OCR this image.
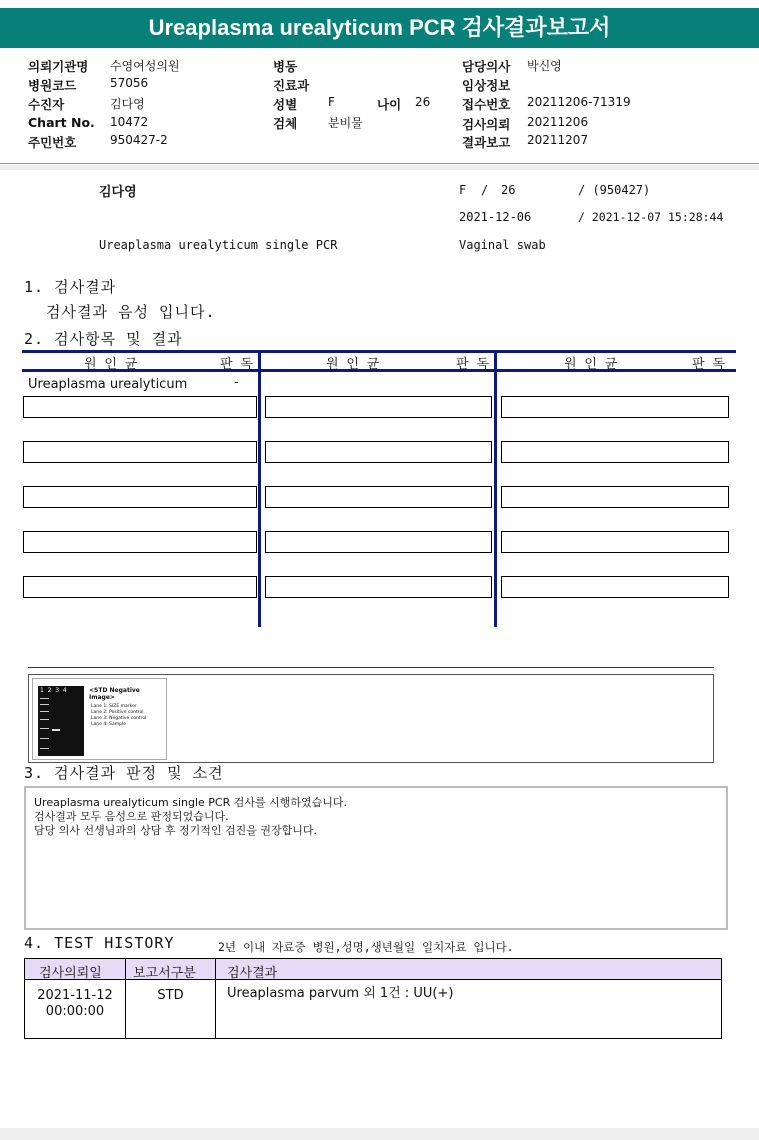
Ureaplasma urealyticum PCR 검사결과보고서
의뢰기관명 수영여성의원
병원코드	57056
수진자	김다영
Chart No. 10472
주민번호	950427-2
병동
진료과
성별	F	나이 26
검체	분비물
담당의사 박신영
임상정보
접수번호 20211206-71319
검사의뢰 20211206
결과보고 20211207
김다영	F / 26	/ (950427)
2021-12-06	/ 2021-12-07 15:28:44
Ureaplasma urealyticum single PCR	Vaginal swab
1. 검사결과
검사결과 음성 입니다.
2. 검사항목 및 결과
원 인 균	판 독	원 인 균	판 독	원 인 균	판 독
Ureaplasma urealyticum	-
1  2  3  4	<STD Negative Image>
Lane 1: SIZE marker
Lane 2: Positive control
Lane 3: Negative control
Lane 4: Sample
3. 검사결과 판정 및 소견
Ureaplasma urealyticum single PCR 검사를 시행하였습니다.
검사결과 모두 음성으로 판정되었습니다.
담당 의사 선생님과의 상담 후 정기적인 검진을 권장합니다.
4. TEST HISTORY	2년 이내 자료중 병원,성명,생년월일 일치자료 입니다.
검사의뢰일 보고서구분 검사결과
2021-11-12
00:00:00
STD	Ureaplasma parvum 외 1건 : UU(+)
